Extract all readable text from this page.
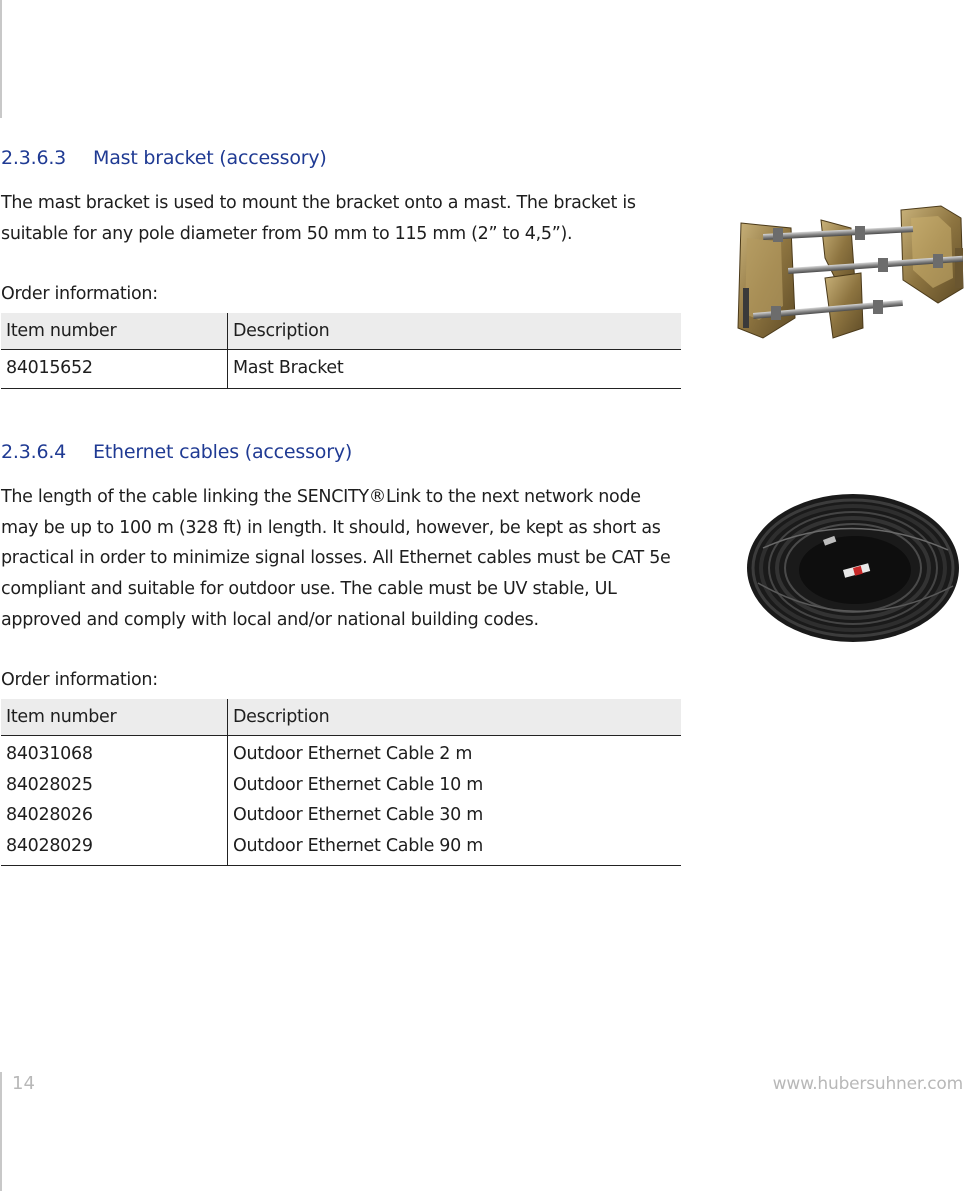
2.3.6.3 Mast bracket (accessory)

The mast bracket is used to mount the bracket onto a mast. The bracket is suitable for any pole diameter from 50 mm to 115 mm (2” to 4,5”).

Order information:
Item number	Description
84015652	Mast Bracket
2.3.6.4 Ethernet cables (accessory)

The length of the cable linking the SENCITY®Link to the next network node may be up to 100 m (328 ft) in length. It should, however, be kept as short as practical in order to minimize signal losses. All Ethernet cables must be CAT 5e compliant and suitable for outdoor use. The cable must be UV stable, UL approved and comply with local and/or national building codes.

Order information:
Item number	Description
84031068	Outdoor Ethernet Cable 2 m
84028025	Outdoor Ethernet Cable 10 m
84028026	Outdoor Ethernet Cable 30 m
84028029	Outdoor Ethernet Cable 90 m
14	www.hubersuhner.com
